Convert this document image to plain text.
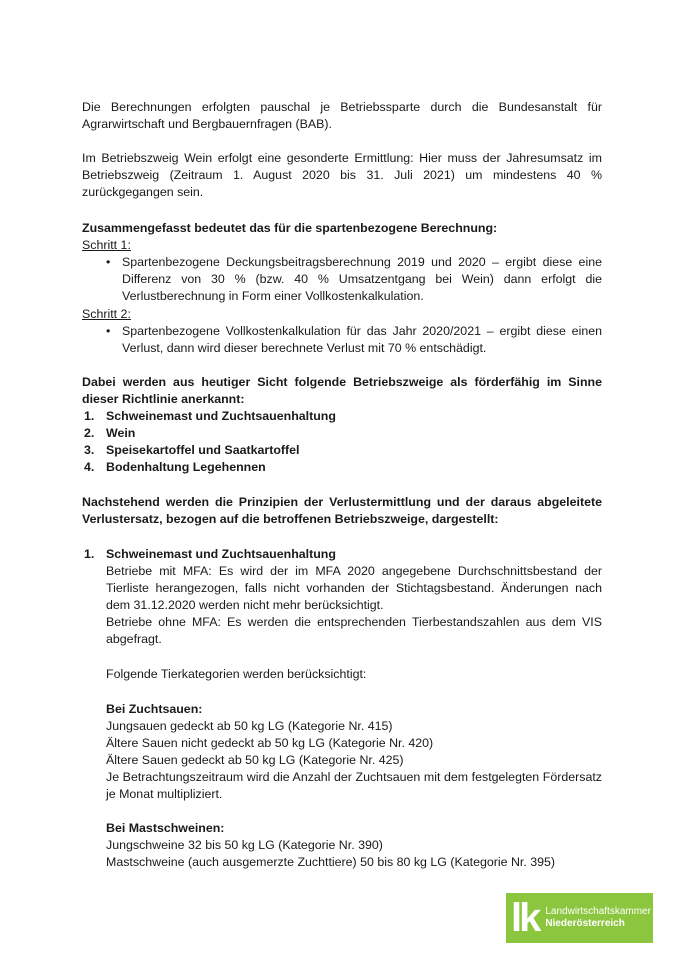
Die Berechnungen erfolgten pauschal je Betriebssparte durch die Bundesanstalt für Agrarwirtschaft und Bergbauernfragen (BAB).

Im Betriebszweig Wein erfolgt eine gesonderte Ermittlung: Hier muss der Jahresumsatz im Betriebszweig (Zeitraum 1. August 2020 bis 31. Juli 2021) um mindestens 40 % zurückgegangen sein.

Zusammengefasst bedeutet das für die spartenbezogene Berechnung:

Schritt 1:

• Spartenbezogene Deckungsbeitragsberechnung 2019 und 2020 – ergibt diese eine Differenz von 30 % (bzw. 40 % Umsatzentgang bei Wein) dann erfolgt die Verlustberechnung in Form einer Vollkostenkalkulation.

Schritt 2:

• Spartenbezogene Vollkostenkalkulation für das Jahr 2020/2021 – ergibt diese einen Verlust, dann wird dieser berechnete Verlust mit 70 % entschädigt.

Dabei werden aus heutiger Sicht folgende Betriebszweige als förderfähig im Sinne dieser Richtlinie anerkannt:

1. Schweinemast und Zuchtsauenhaltung
2. Wein
3. Speisekartoffel und Saatkartoffel
4. Bodenhaltung Legehennen

Nachstehend werden die Prinzipien der Verlustermittlung und der daraus abgeleitete Verlustersatz, bezogen auf die betroffenen Betriebszweige, dargestellt:

1. Schweinemast und Zuchtsauenhaltung

Betriebe mit MFA: Es wird der im MFA 2020 angegebene Durchschnittsbestand der Tierliste herangezogen, falls nicht vorhanden der Stichtagsbestand. Änderungen nach dem 31.12.2020 werden nicht mehr berücksichtigt.

Betriebe ohne MFA: Es werden die entsprechenden Tierbestandszahlen aus dem VIS abgefragt.

Folgende Tierkategorien werden berücksichtigt:

Bei Zuchtsauen:

Jungsauen gedeckt ab 50 kg LG (Kategorie Nr. 415)

Ältere Sauen nicht gedeckt ab 50 kg LG (Kategorie Nr. 420)

Ältere Sauen gedeckt ab 50 kg LG (Kategorie Nr. 425)

Je Betrachtungszeitraum wird die Anzahl der Zuchtsauen mit dem festgelegten Fördersatz je Monat multipliziert.

Bei Mastschweinen:

Jungschweine 32 bis 50 kg LG (Kategorie Nr. 390)

Mastschweine (auch ausgemerzte Zuchttiere) 50 bis 80 kg LG (Kategorie Nr. 395)

lk Landwirtschaftskammer
Niederösterreich
